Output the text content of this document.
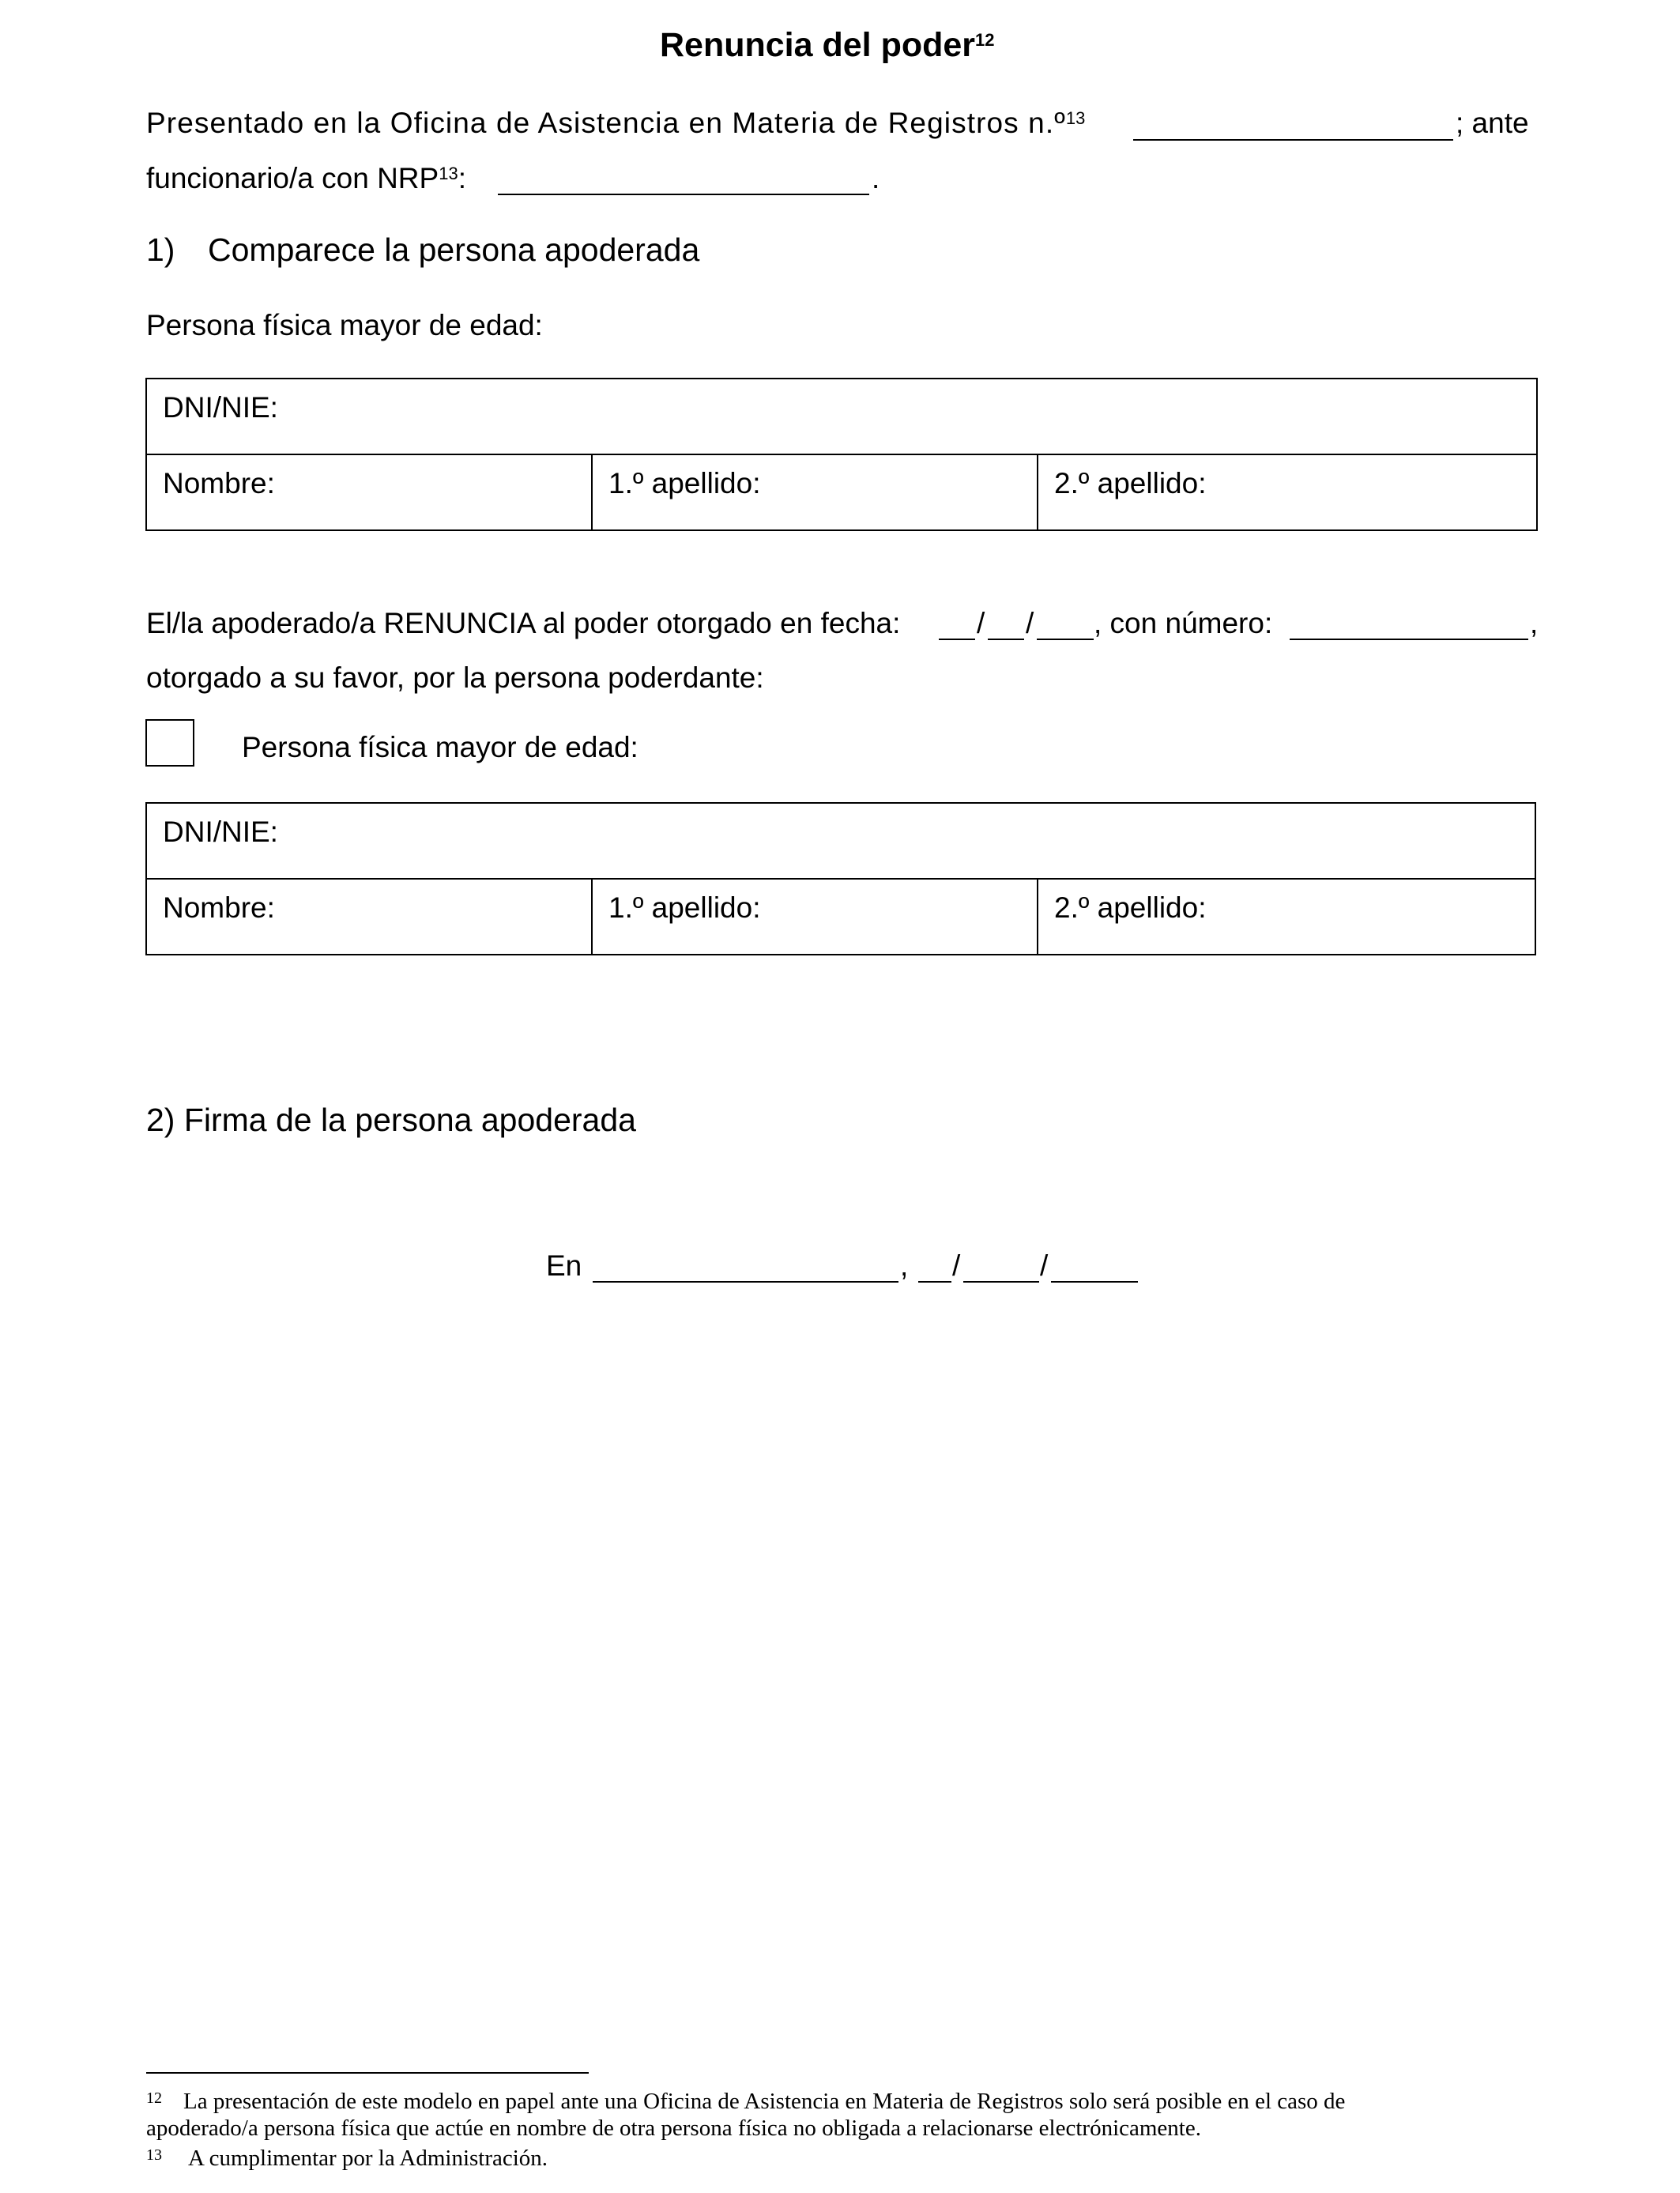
Renuncia del poder$^{12}$
Presentado en la Oficina de Asistencia en Materia de Registros n.º$^{13}$	; ante
funcionario/a con NRP$^{13}$:	.
1) Comparece la persona apoderada
Persona física mayor de edad:
DNI/NIE:
Nombre:	1.º apellido:	2.º apellido:
El/la apoderado/a RENUNCIA al poder otorgado en fecha:	/ / , con número:	,
otorgado a su favor, por la persona poderdante:
Persona física mayor de edad:
DNI/NIE:
Nombre:	1.º apellido:	2.º apellido:
2) Firma de la persona apoderada
En	, /	/
12 La presentación de este modelo en papel ante una Oficina de Asistencia en Materia de Registros solo será posible en el caso de
apoderado/a persona física que actúe en nombre de otra persona física no obligada a relacionarse electrónicamente.
13 A cumplimentar por la Administración.
